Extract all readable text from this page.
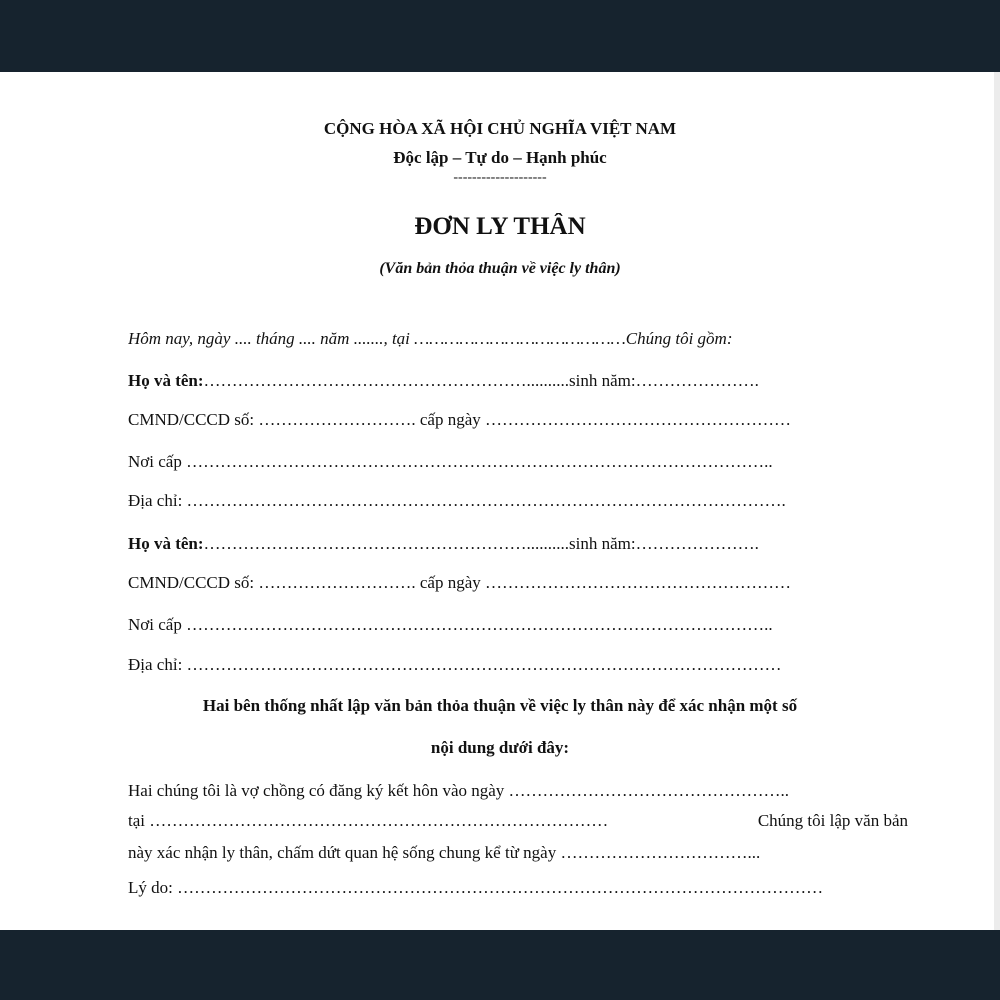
CỘNG HÒA XÃ HỘI CHỦ NGHĨA VIỆT NAM
Độc lập – Tự do – Hạnh phúc
--------------------
ĐƠN LY THÂN
(Văn bản thỏa thuận về việc ly thân)
Hôm nay, ngày .... tháng .... năm ......., tại ……………………………………Chúng tôi gồm:
Họ và tên:…………………………………………………..........sinh năm:………………….
CMND/CCCD số: ………………………. cấp ngày ………………………………………………
Nơi cấp …………………………………………………………………………………………..
Địa chỉ: …………………………………………………………………………………………….
Họ và tên:…………………………………………………..........sinh năm:………………….
CMND/CCCD số: ………………………. cấp ngày ………………………………………………
Nơi cấp …………………………………………………………………………………………..
Địa chỉ: ……………………………………………………………………………………………
Hai bên thống nhất lập văn bản thỏa thuận về việc ly thân này để xác nhận một số
nội dung dưới đây:
Hai chúng tôi là vợ chồng có đăng ký kết hôn vào ngày …………………………………………..
tại ………………………………………………………………………	Chúng tôi lập văn bản
này xác nhận ly thân, chấm dứt quan hệ sống chung kể từ ngày ……………………………...
Lý do: ……………………………………………………………………………………………………
